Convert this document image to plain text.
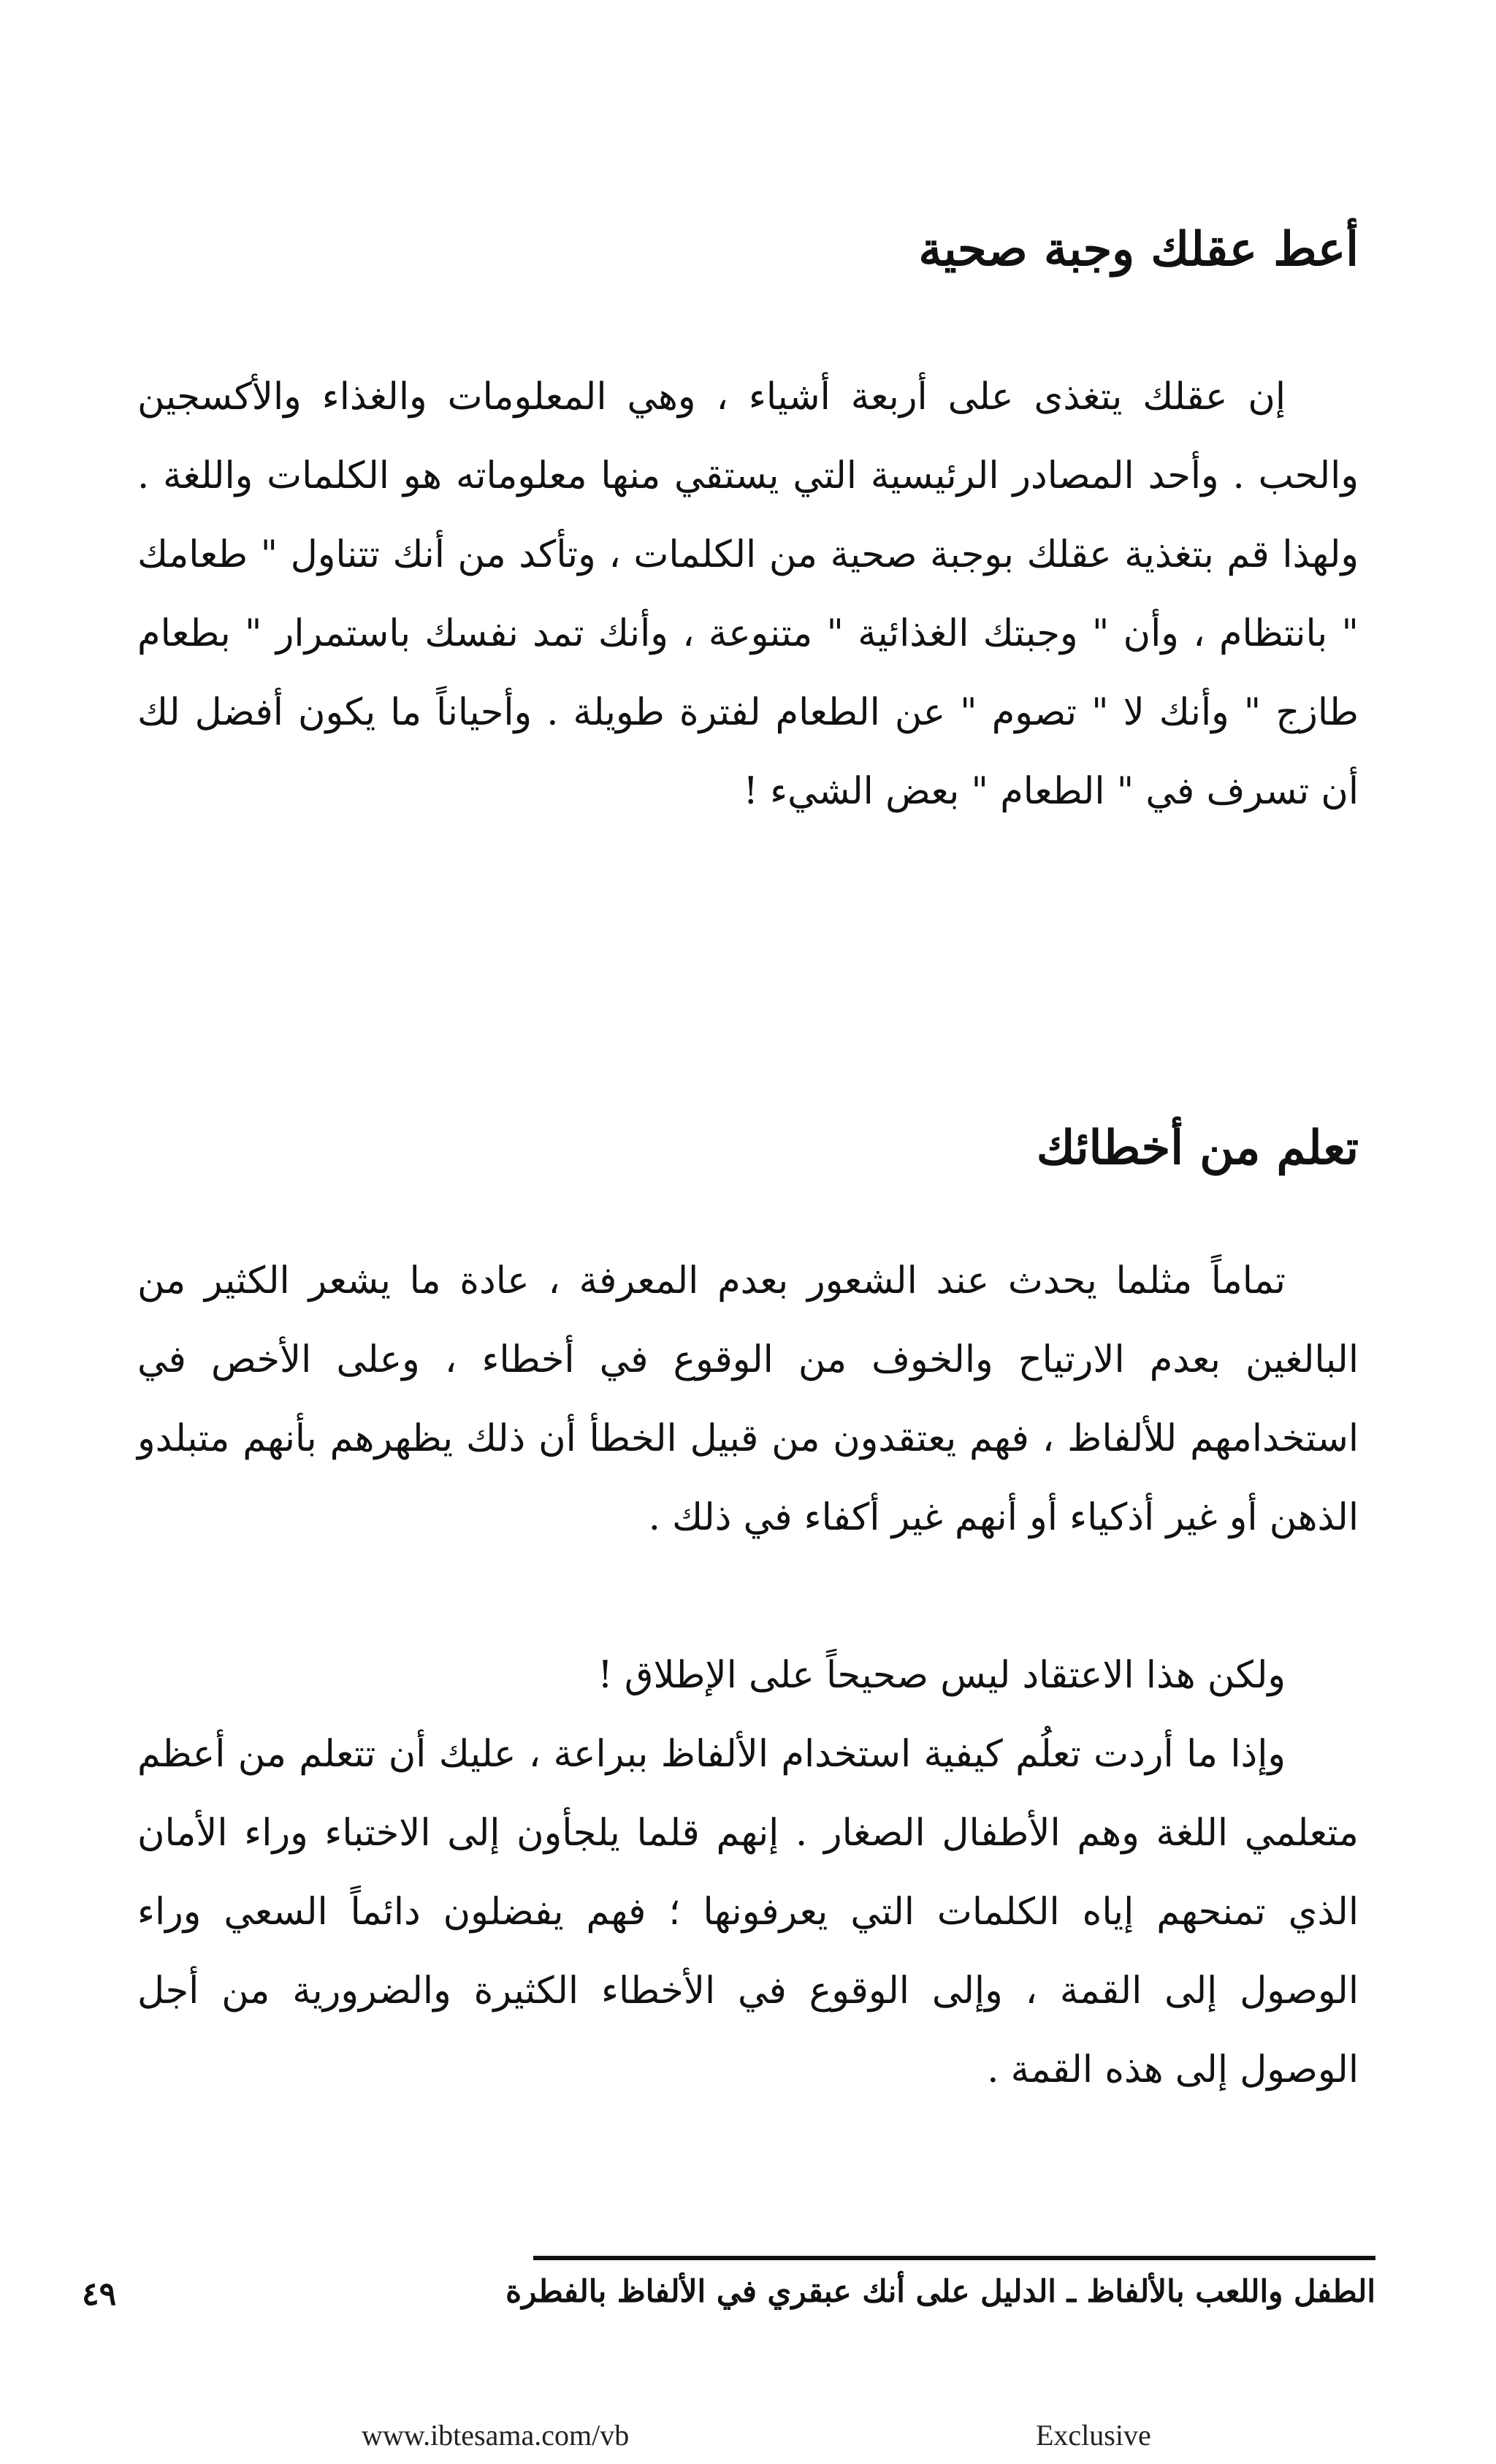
أعط عقلك وجبة صحية

إن عقلك يتغذى على أربعة أشياء ، وهي المعلومات والغذاء والأكسجين والحب . وأحد المصادر الرئيسية التي يستقي منها معلوماته هو الكلمات واللغة . ولهذا قم بتغذية عقلك بوجبة صحية من الكلمات ، وتأكد من أنك تتناول " طعامك " بانتظام ، وأن " وجبتك الغذائية " متنوعة ، وأنك تمد نفسك باستمرار " بطعام طازج " وأنك لا " تصوم " عن الطعام لفترة طويلة . وأحياناً ما يكون أفضل لك أن تسرف في " الطعام " بعض الشيء !

تعلم من أخطائك

تماماً مثلما يحدث عند الشعور بعدم المعرفة ، عادة ما يشعر الكثير من البالغين بعدم الارتياح والخوف من الوقوع في أخطاء ، وعلى الأخص في استخدامهم للألفاظ ، فهم يعتقدون من قبيل الخطأ أن ذلك يظهرهم بأنهم متبلدو الذهن أو غير أذكياء أو أنهم غير أكفاء في ذلك .

ولكن هذا الاعتقاد ليس صحيحاً على الإطلاق !

وإذا ما أردت تعلُم كيفية استخدام الألفاظ ببراعة ، عليك أن تتعلم من أعظم متعلمي اللغة وهم الأطفال الصغار . إنهم قلما يلجأون إلى الاختباء وراء الأمان الذي تمنحهم إياه الكلمات التي يعرفونها ؛ فهم يفضلون دائماً السعي وراء الوصول إلى القمة ، وإلى الوقوع في الأخطاء الكثيرة والضرورية من أجل الوصول إلى هذه القمة .

الطفل واللعب بالألفاظ ـ الدليل على أنك عبقري في الألفاظ بالفطرة
٤٩
www.ibtesama.com/vb	Exclusive
